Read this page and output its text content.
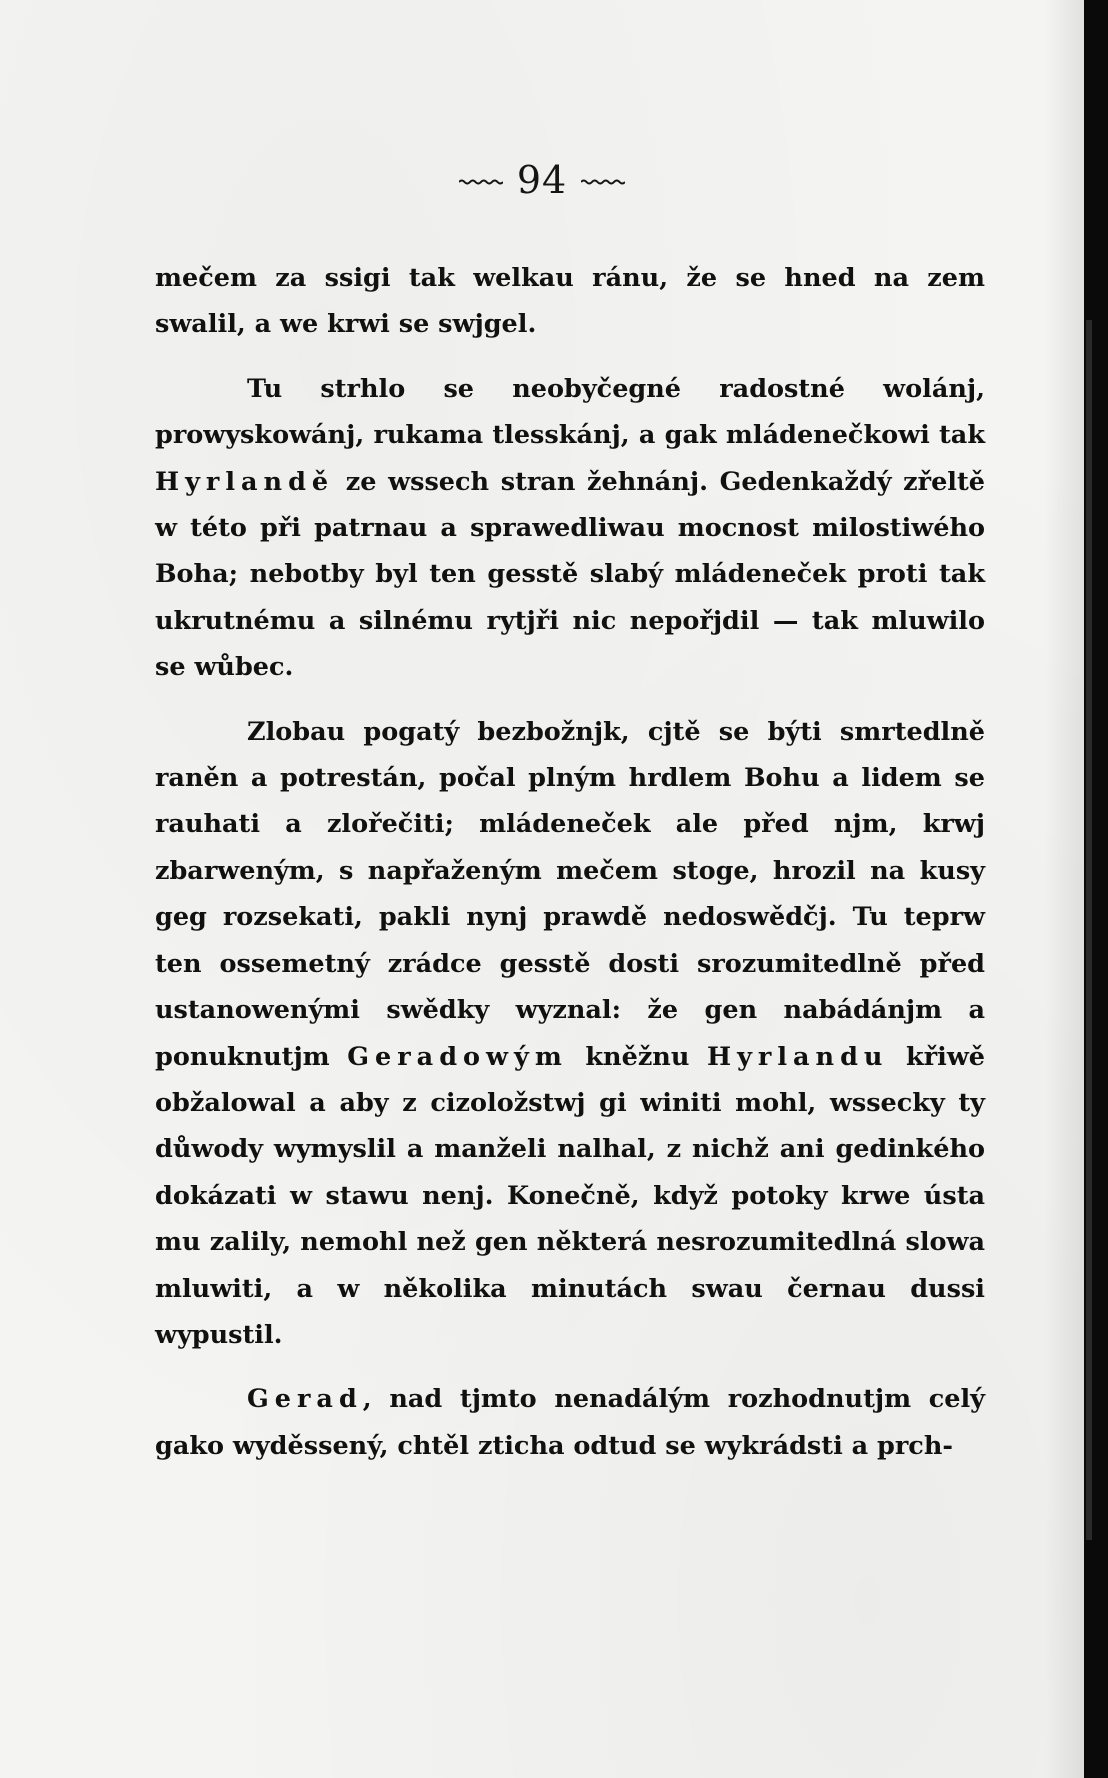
94

mečem za ssigi tak welkau ránu, že se hned na zem swalil, a we krwi se swjgel.

Tu strhlo se neobyčegné radostné wolánj, prowyskowánj, rukama tlesskánj, a gak mládenečkowi tak Hyrlandě ze wssech stran žehnánj. Gedenkaždý zřeltě w této při patrnau a sprawedliwau mocnost milostiwého Boha; nebotby byl ten gesstě slabý mládeneček proti tak ukrutnému a silnému rytjři nic nepořjdil — tak mluwilo se wůbec.

Zlobau pogatý bezbožnjk, cjtě se býti smrtedlně raněn a potrestán, počal plným hrdlem Bohu a lidem se rauhati a zlořečiti; mládeneček ale před njm, krwj zbarweným, s napřaženým mečem stoge, hrozil na kusy geg rozsekati, pakli nynj prawdě nedoswědčj. Tu teprw ten ossemetný zrádce gesstě dosti srozumitedlně před ustanowenými swědky wyznal: že gen nabádánjm a ponuknutjm Geradowým kněžnu Hyrlandu křiwě obžalowal a aby z cizoložstwj gi winiti mohl, wssecky ty důwody wymyslil a manželi nalhal, z nichž ani gedinkého dokázati w stawu nenj. Konečně, když potoky krwe ústa mu zalily, nemohl než gen některá nesrozumitedlná slowa mluwiti, a w několika minutách swau černau dussi wypustil.

Gerad, nad tjmto nenadálým rozhodnutjm celý gako wyděssený, chtěl zticha odtud se wykrádsti a prch-
